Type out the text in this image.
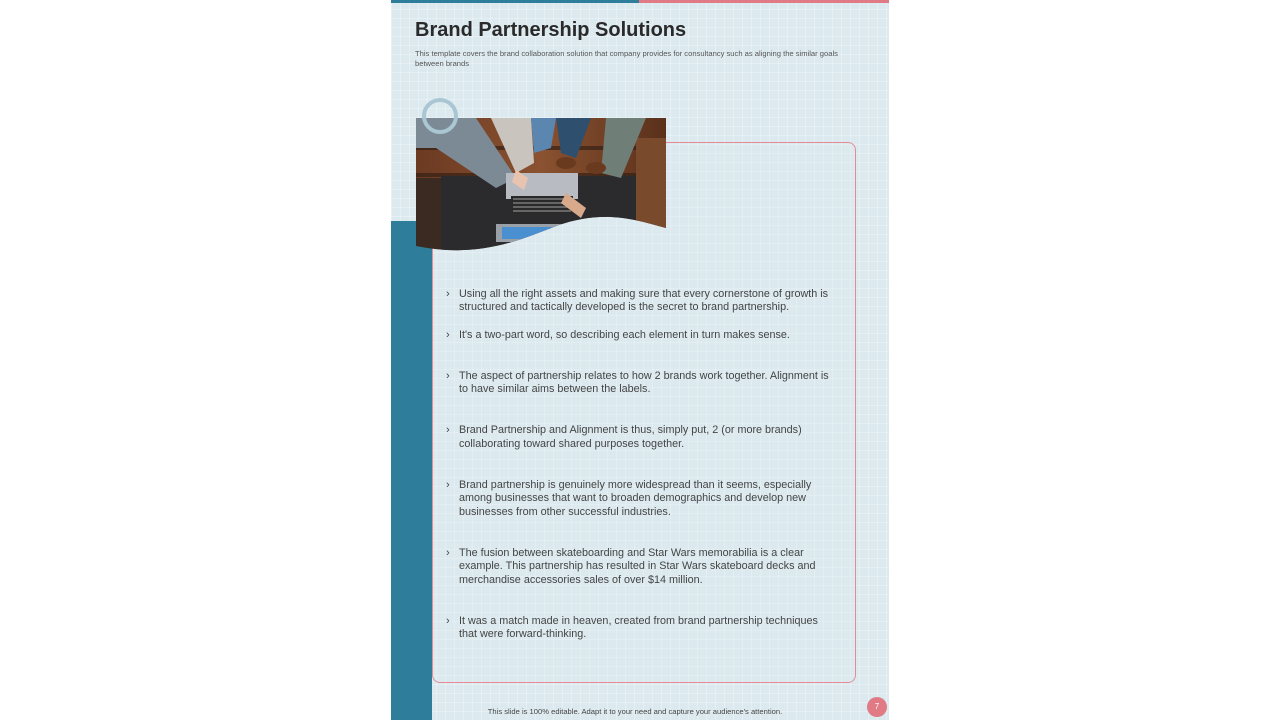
Brand Partnership Solutions
This template covers the brand collaboration solution that company provides for consultancy such as aligning the similar goals between brands
› Using all the right assets and making sure that every cornerstone of growth is structured and tactically developed is the secret to brand partnership.
› It's a two-part word, so describing each element in turn makes sense.
› The aspect of partnership relates to how 2 brands work together. Alignment is to have similar aims between the labels.
› Brand Partnership and Alignment is thus, simply put, 2 (or more brands) collaborating toward shared purposes together.
› Brand partnership is genuinely more widespread than it seems, especially among businesses that want to broaden demographics and develop new businesses from other successful industries.
› The fusion between skateboarding and Star Wars memorabilia is a clear example. This partnership has resulted in Star Wars skateboard decks and merchandise accessories sales of over $14 million.
› It was a match made in heaven, created from brand partnership techniques that were forward-thinking.
This slide is 100% editable. Adapt it to your need and capture your audience's attention.
7
